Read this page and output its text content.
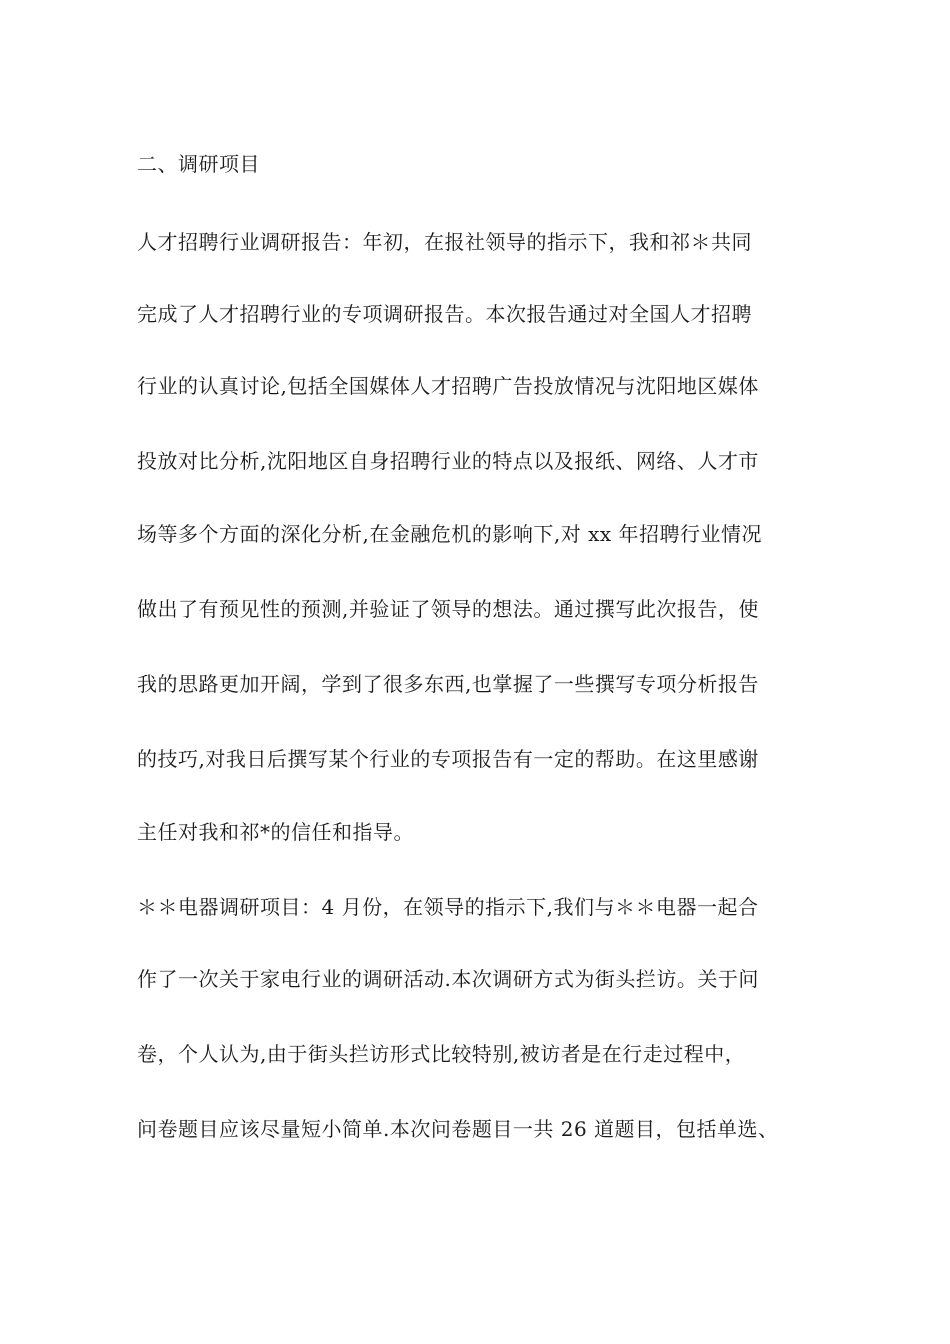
二、调研项目
人才招聘行业调研报告：年初，在报社领导的指示下，我和祁＊共同
完成了人才招聘行业的专项调研报告。本次报告通过对全国人才招聘
行业的认真讨论,包括全国媒体人才招聘广告投放情况与沈阳地区媒体
投放对比分析,沈阳地区自身招聘行业的特点以及报纸、网络、人才市
场等多个方面的深化分析,在金融危机的影响下,对 xx 年招聘行业情况
做出了有预见性的预测,并验证了领导的想法。通过撰写此次报告，使
我的思路更加开阔，学到了很多东西,也掌握了一些撰写专项分析报告
的技巧,对我日后撰写某个行业的专项报告有一定的帮助。在这里感谢
主任对我和祁*的信任和指导。
＊＊电器调研项目：4 月份，在领导的指示下,我们与＊＊电器一起合
作了一次关于家电行业的调研活动.本次调研方式为街头拦访。关于问
卷，个人认为,由于街头拦访形式比较特别,被访者是在行走过程中，
问卷题目应该尽量短小简单.本次问卷题目一共 26 道题目，包括单选、
